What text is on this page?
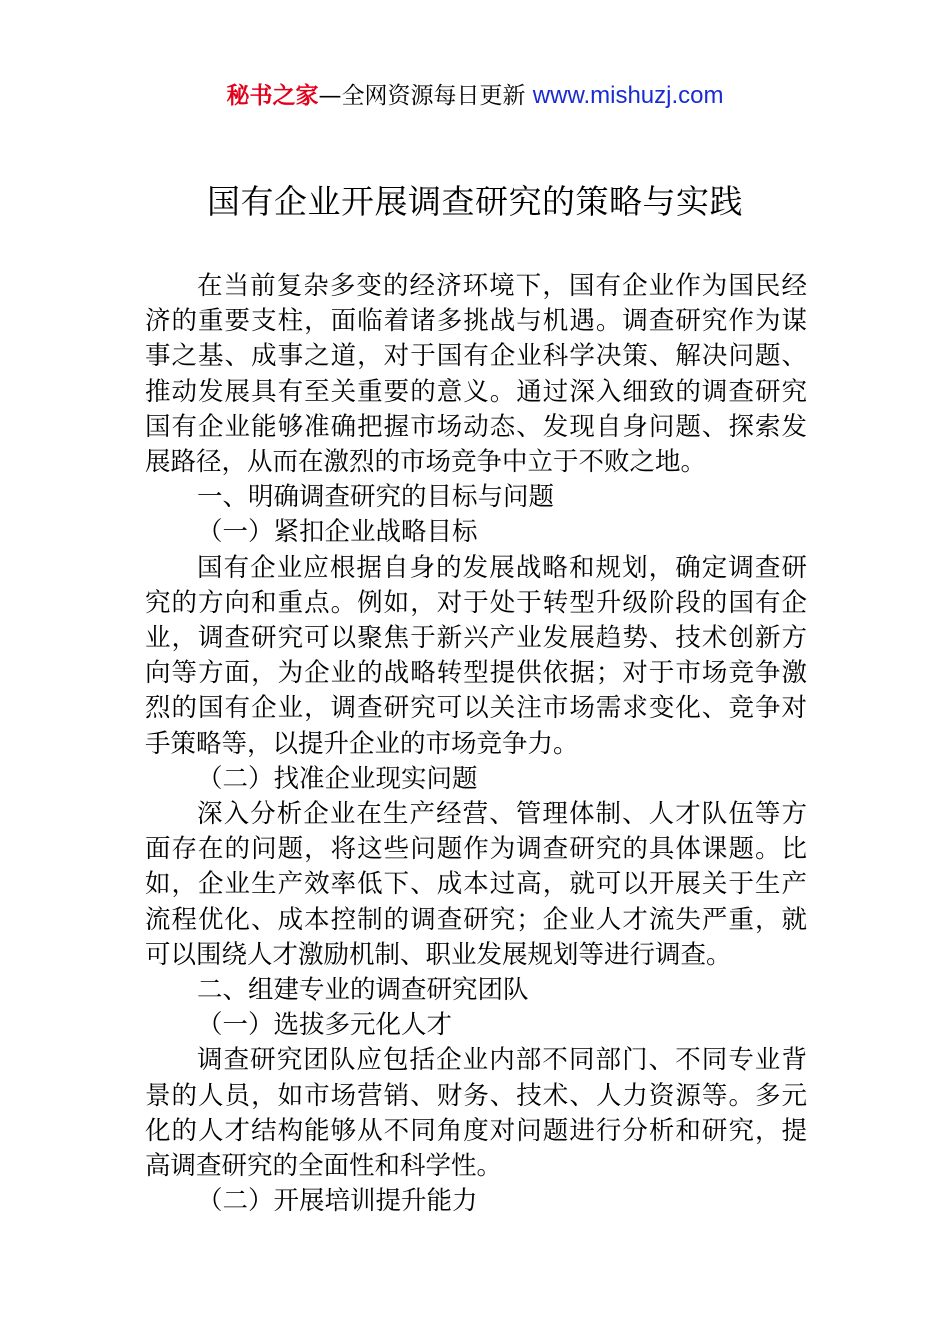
秘书之家—全网资源每日更新 www.mishuzj.com
国有企业开展调查研究的策略与实践

在当前复杂多变的经济环境下，国有企业作为国民经济的重要支柱，面临着诸多挑战与机遇。调查研究作为谋事之基、成事之道，对于国有企业科学决策、解决问题、推动发展具有至关重要的意义。通过深入细致的调查研究国有企业能够准确把握市场动态、发现自身问题、探索发展路径，从而在激烈的市场竞争中立于不败之地。

一、明确调查研究的目标与问题

（一）紧扣企业战略目标

国有企业应根据自身的发展战略和规划，确定调查研究的方向和重点。例如，对于处于转型升级阶段的国有企业，调查研究可以聚焦于新兴产业发展趋势、技术创新方向等方面，为企业的战略转型提供依据；对于市场竞争激烈的国有企业，调查研究可以关注市场需求变化、竞争对手策略等，以提升企业的市场竞争力。

（二）找准企业现实问题

深入分析企业在生产经营、管理体制、人才队伍等方面存在的问题，将这些问题作为调查研究的具体课题。比如，企业生产效率低下、成本过高，就可以开展关于生产流程优化、成本控制的调查研究；企业人才流失严重，就可以围绕人才激励机制、职业发展规划等进行调查。

二、组建专业的调查研究团队

（一）选拔多元化人才

调查研究团队应包括企业内部不同部门、不同专业背景的人员，如市场营销、财务、技术、人力资源等。多元化的人才结构能够从不同角度对问题进行分析和研究，提高调查研究的全面性和科学性。

（二）开展培训提升能力
